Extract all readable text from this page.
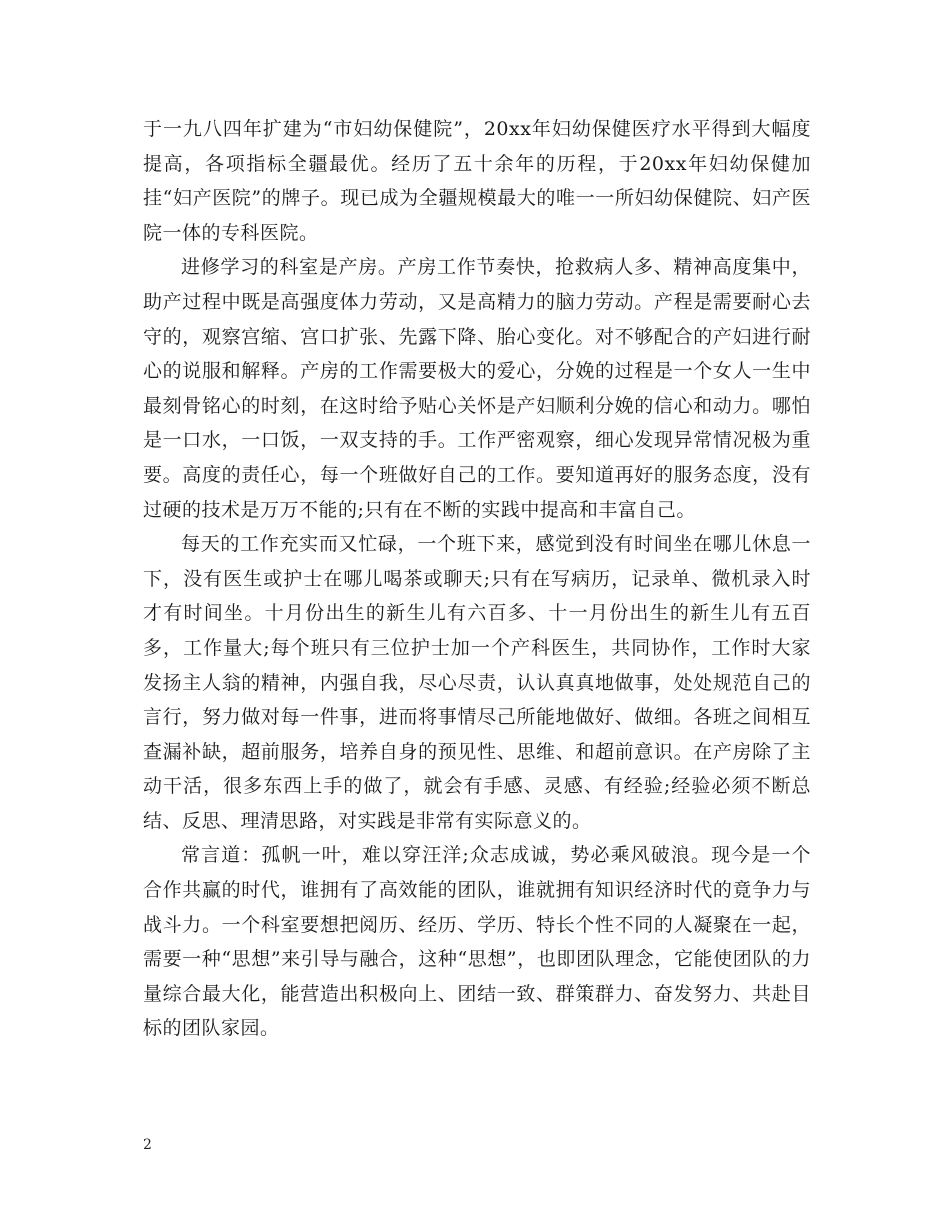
于一九八四年扩建为“市妇幼保健院”，20xx年妇幼保健医疗水平得到大幅度提高，各项指标全疆最优。经历了五十余年的历程，于20xx年妇幼保健加挂“妇产医院”的牌子。现已成为全疆规模最大的唯一一所妇幼保健院、妇产医院一体的专科医院。

进修学习的科室是产房。产房工作节奏快，抢救病人多、精神高度集中，助产过程中既是高强度体力劳动，又是高精力的脑力劳动。产程是需要耐心去守的，观察宫缩、宫口扩张、先露下降、胎心变化。对不够配合的产妇进行耐心的说服和解释。产房的工作需要极大的爱心，分娩的过程是一个女人一生中最刻骨铭心的时刻，在这时给予贴心关怀是产妇顺利分娩的信心和动力。哪怕是一口水，一口饭，一双支持的手。工作严密观察，细心发现异常情况极为重要。高度的责任心，每一个班做好自己的工作。要知道再好的服务态度，没有过硬的技术是万万不能的;只有在不断的实践中提高和丰富自己。

每天的工作充实而又忙碌，一个班下来，感觉到没有时间坐在哪儿休息一下，没有医生或护士在哪儿喝茶或聊天;只有在写病历，记录单、微机录入时才有时间坐。十月份出生的新生儿有六百多、十一月份出生的新生儿有五百多，工作量大;每个班只有三位护士加一个产科医生，共同协作，工作时大家发扬主人翁的精神，内强自我，尽心尽责，认认真真地做事，处处规范自己的言行，努力做对每一件事，进而将事情尽己所能地做好、做细。各班之间相互查漏补缺，超前服务，培养自身的预见性、思维、和超前意识。在产房除了主动干活，很多东西上手的做了，就会有手感、灵感、有经验;经验必须不断总结、反思、理清思路，对实践是非常有实际意义的。

常言道：孤帆一叶，难以穿汪洋;众志成诚，势必乘风破浪。现今是一个合作共赢的时代，谁拥有了高效能的团队，谁就拥有知识经济时代的竟争力与战斗力。一个科室要想把阅历、经历、学历、特长个性不同的人凝聚在一起，需要一种“思想”来引导与融合，这种“思想”，也即团队理念，它能使团队的力量综合最大化，能营造出积极向上、团结一致、群策群力、奋发努力、共赴目标的团队家园。

2
